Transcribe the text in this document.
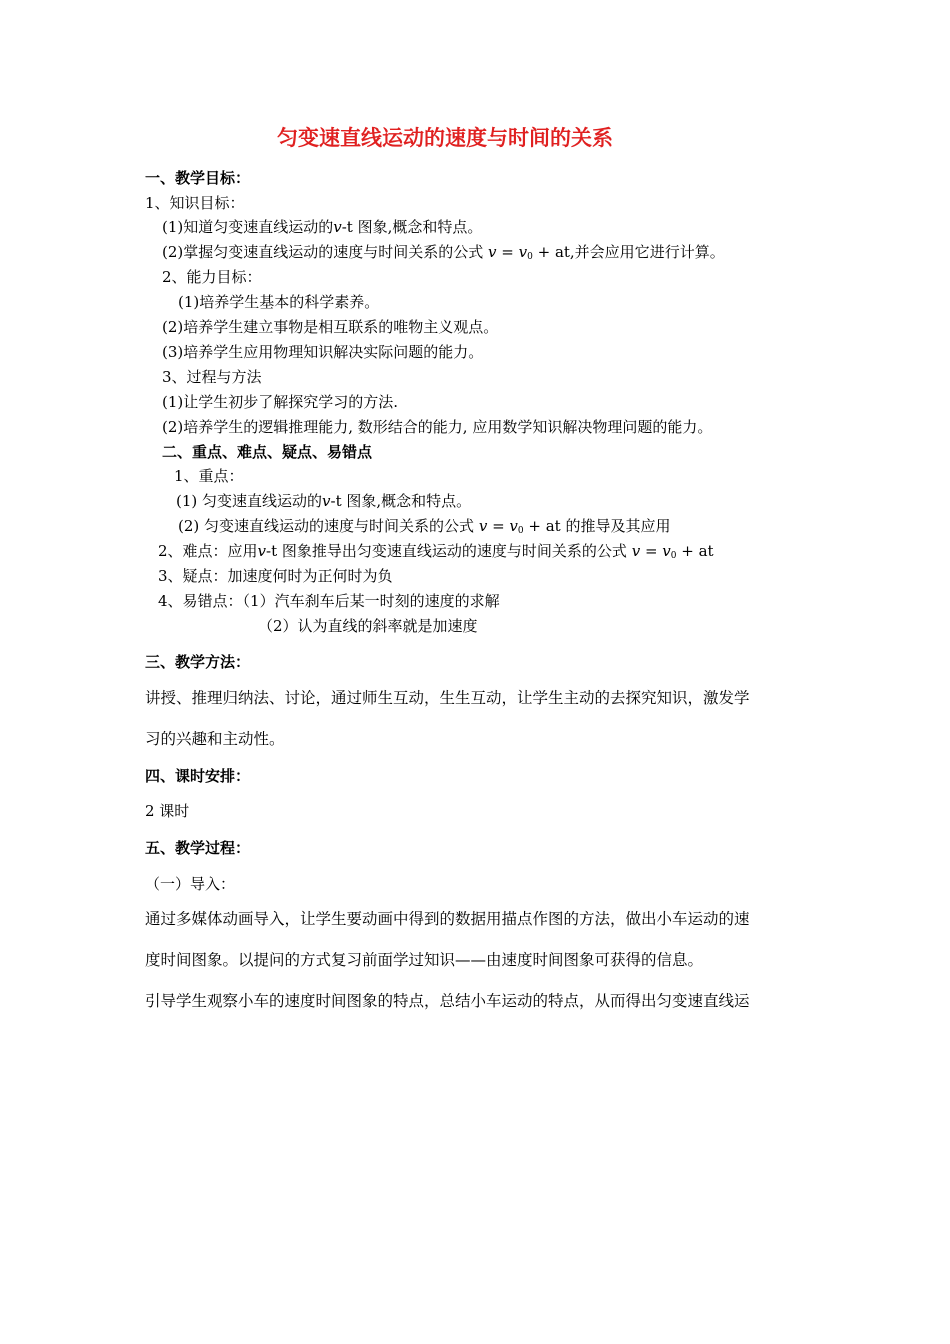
匀变速直线运动的速度与时间的关系
一、教学目标：
1、知识目标：
(1)知道匀变速直线运动的v-t 图象,概念和特点。
(2)掌握匀变速直线运动的速度与时间关系的公式 $v = v_0$ + at,并会应用它进行计算。
2、能力目标：
(1)培养学生基本的科学素养。
(2)培养学生建立事物是相互联系的唯物主义观点。
(3)培养学生应用物理知识解决实际问题的能力。
3、过程与方法
(1)让学生初步了解探究学习的方法.
(2)培养学生的逻辑推理能力, 数形结合的能力, 应用数学知识解决物理问题的能力。
二、重点、难点、疑点、易错点
1、重点：
(1) 匀变速直线运动的v-t 图象,概念和特点。
(2) 匀变速直线运动的速度与时间关系的公式 $v = v_0$ + at 的推导及其应用
2、难点：应用v-t 图象推导出匀变速直线运动的速度与时间关系的公式 $v = v_0$ + at
3、疑点：加速度何时为正何时为负
4、易错点：（1）汽车刹车后某一时刻的速度的求解
（2）认为直线的斜率就是加速度
三、教学方法：
讲授、推理归纳法、讨论，通过师生互动，生生互动，让学生主动的去探究知识，激发学
习的兴趣和主动性。
四、课时安排：
2 课时
五、教学过程：
（一）导入：
通过多媒体动画导入，让学生要动画中得到的数据用描点作图的方法，做出小车运动的速
度时间图象。以提问的方式复习前面学过知识——由速度时间图象可获得的信息。
引导学生观察小车的速度时间图象的特点，总结小车运动的特点，从而得出匀变速直线运
